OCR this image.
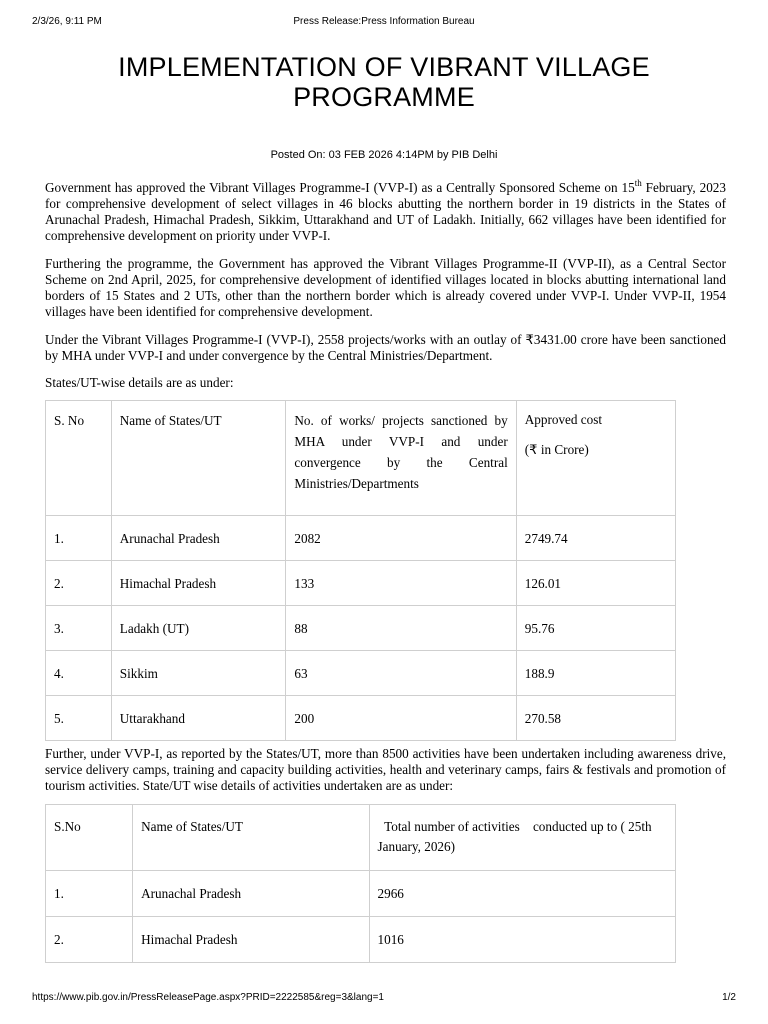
2/3/26, 9:11 PM	Press Release:Press Information Bureau
IMPLEMENTATION OF VIBRANT VILLAGE PROGRAMME
Posted On: 03 FEB 2026 4:14PM by PIB Delhi

Government has approved the Vibrant Villages Programme-I (VVP-I) as a Centrally Sponsored Scheme on 15th February, 2023 for comprehensive development of select villages in 46 blocks abutting the northern border in 19 districts in the States of Arunachal Pradesh, Himachal Pradesh, Sikkim, Uttarakhand and UT of Ladakh. Initially, 662 villages have been identified for comprehensive development on priority under VVP-I.

Furthering the programme, the Government has approved the Vibrant Villages Programme-II (VVP-II), as a Central Sector Scheme on 2nd April, 2025, for comprehensive development of identified villages located in blocks abutting international land borders of 15 States and 2 UTs, other than the northern border which is already covered under VVP-I. Under VVP-II, 1954 villages have been identified for comprehensive development.

Under the Vibrant Villages Programme-I (VVP-I), 2558 projects/works with an outlay of ₹3431.00 crore have been sanctioned by MHA under VVP-I and under convergence by the Central Ministries/Department.

States/UT-wise details are as under:

S. No	Name of States/UT	No. of works/ projects sanctioned by MHA under VVP-I and under convergence by the Central Ministries/Departments	Approved cost
(₹ in Crore)

1.	Arunachal Pradesh	2082	2749.74
2.	Himachal Pradesh	133	126.01
3.	Ladakh (UT)	88	95.76
4.	Sikkim	63	188.9
5.	Uttarakhand	200	270.58

Further, under VVP-I, as reported by the States/UT, more than 8500 activities have been undertaken including awareness drive, service delivery camps, training and capacity building activities, health and veterinary camps, fairs & festivals and promotion of tourism activities. State/UT wise details of activities undertaken are as under:

S.No	Name of States/UT	Total number of activities    conducted up to ( 25th January, 2026)
1.	Arunachal Pradesh	2966
2.	Himachal Pradesh	1016
https://www.pib.gov.in/PressReleasePage.aspx?PRID=2222585&reg=3&lang=1	1/2
